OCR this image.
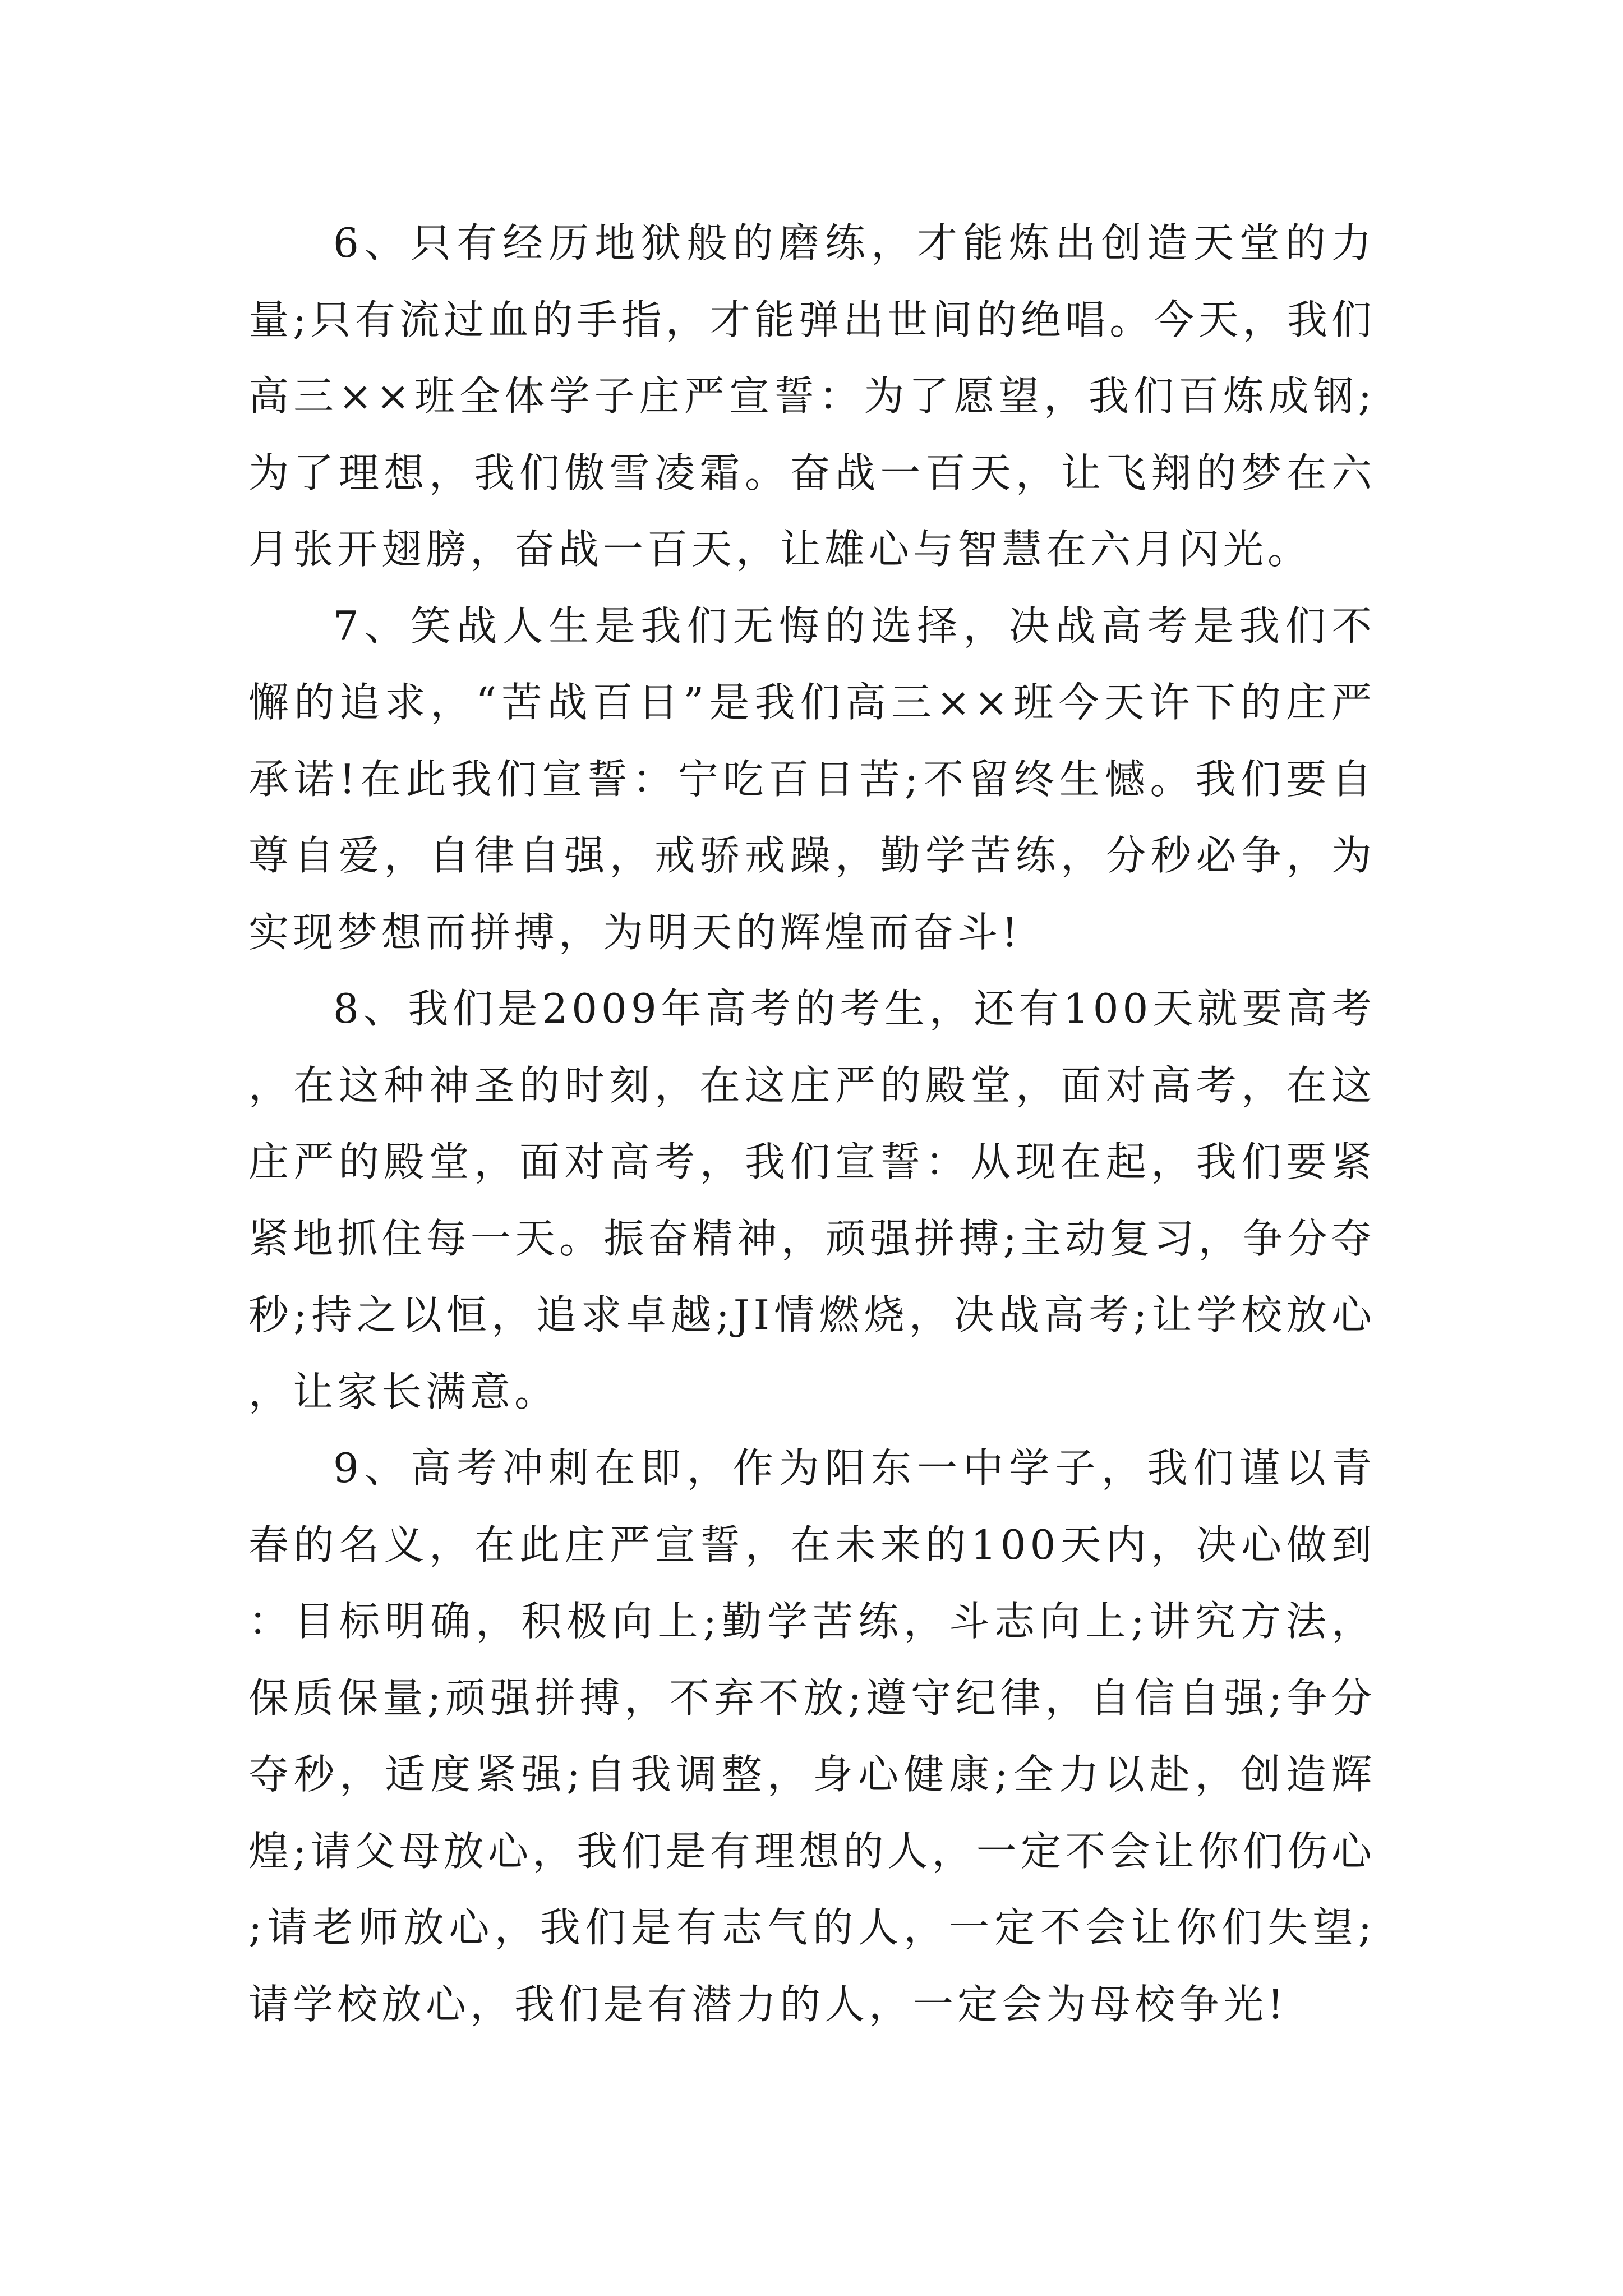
6、只有经历地狱般的磨练，才能炼出创造天堂的力量;只有流过血的手指，才能弹出世间的绝唱。今天，我们高三××班全体学子庄严宣誓：为了愿望，我们百炼成钢;为了理想，我们傲雪凌霜。奋战一百天，让飞翔的梦在六月张开翅膀，奋战一百天，让雄心与智慧在六月闪光。

7、笑战人生是我们无悔的选择，决战高考是我们不懈的追求，“苦战百日”是我们高三××班今天许下的庄严承诺!在此我们宣誓：宁吃百日苦;不留终生憾。我们要自尊自爱，自律自强，戒骄戒躁，勤学苦练，分秒必争，为实现梦想而拼搏，为明天的辉煌而奋斗!

8、我们是2009年高考的考生，还有100天就要高考，在这种神圣的时刻，在这庄严的殿堂，面对高考，在这庄严的殿堂，面对高考，我们宣誓：从现在起，我们要紧紧地抓住每一天。振奋精神，顽强拼搏;主动复习，争分夺秒;持之以恒，追求卓越;JI情燃烧，决战高考;让学校放心，让家长满意。

9、高考冲刺在即，作为阳东一中学子，我们谨以青春的名义，在此庄严宣誓，在未来的100天内，决心做到：目标明确，积极向上;勤学苦练，斗志向上;讲究方法，保质保量;顽强拼搏，不弃不放;遵守纪律，自信自强;争分夺秒，适度紧强;自我调整，身心健康;全力以赴，创造辉煌;请父母放心，我们是有理想的人，一定不会让你们伤心;请老师放心，我们是有志气的人，一定不会让你们失望;请学校放心，我们是有潜力的人，一定会为母校争光!
